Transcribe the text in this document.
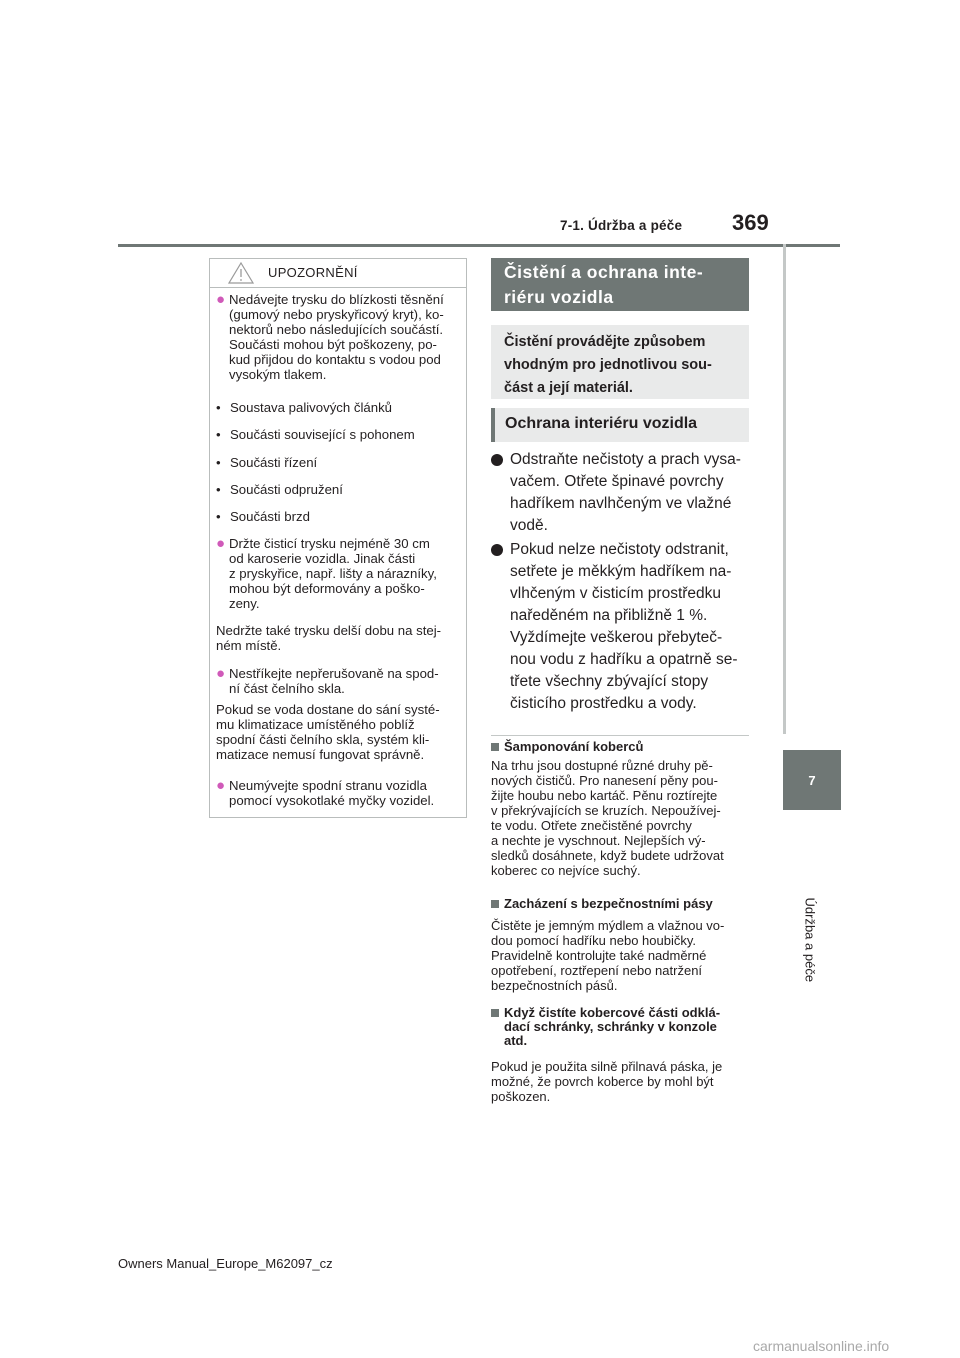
7-1. Údržba a péče	369
7
Údržba a péče
UPOZORNĚNÍ
● Nedávejte trysku do blízkosti těsnění
(gumový nebo pryskyřicový kryt), ko-
nektorů nebo následujících součástí.
Součásti mohou být poškozeny, po-
kud přijdou do kontaktu s vodou pod
vysokým tlakem.
• Soustava palivových článků
• Součásti související s pohonem
• Součásti řízení
• Součásti odpružení
• Součásti brzd
● Držte čisticí trysku nejméně 30 cm
od karoserie vozidla. Jinak části
z pryskyřice, např. lišty a nárazníky,
mohou být deformovány a poško-
zeny.
Nedržte také trysku delší dobu na stej-
ném místě.
● Nestříkejte nepřerušovaně na spod-
ní část čelního skla.
Pokud se voda dostane do sání systé-
mu klimatizace umístěného poblíž
spodní části čelního skla, systém kli-
matizace nemusí fungovat správně.
● Neumývejte spodní stranu vozidla
pomocí vysokotlaké myčky vozidel.
Čistění a ochrana inte-
riéru vozidla
Čistění provádějte způsobem
vhodným pro jednotlivou sou-
část a její materiál.
Ochrana interiéru vozidla
Odstraňte nečistoty a prach vysa-
vačem. Otřete špinavé povrchy
hadříkem navlhčeným ve vlažné
vodě.
Pokud nelze nečistoty odstranit,
setřete je měkkým hadříkem na-
vlhčeným v čisticím prostředku
naředěném na přibližně 1 %.
Vyždímejte veškerou přebyteč-
nou vodu z hadříku a opatrně se-
třete všechny zbývající stopy
čisticího prostředku a vody.
Šamponování koberců
Na trhu jsou dostupné různé druhy pě-
nových čističů. Pro nanesení pěny pou-
žijte houbu nebo kartáč. Pěnu roztírejte
v překrývajících se kruzích. Nepoužívej-
te vodu. Otřete znečistěné povrchy
a nechte je vyschnout. Nejlepších vý-
sledků dosáhnete, když budete udržovat
koberec co nejvíce suchý.
Zacházení s bezpečnostními pásy
Čistěte je jemným mýdlem a vlažnou vo-
dou pomocí hadříku nebo houbičky.
Pravidelně kontrolujte také nadměrné
opotřebení, roztřepení nebo natržení
bezpečnostních pásů.
Když čistíte kobercové části odklá-
dací schránky, schránky v konzole
atd.
Pokud je použita silně přilnavá páska, je
možné, že povrch koberce by mohl být
poškozen.
Owners Manual_Europe_M62097_cz
carmanualsonline.info
